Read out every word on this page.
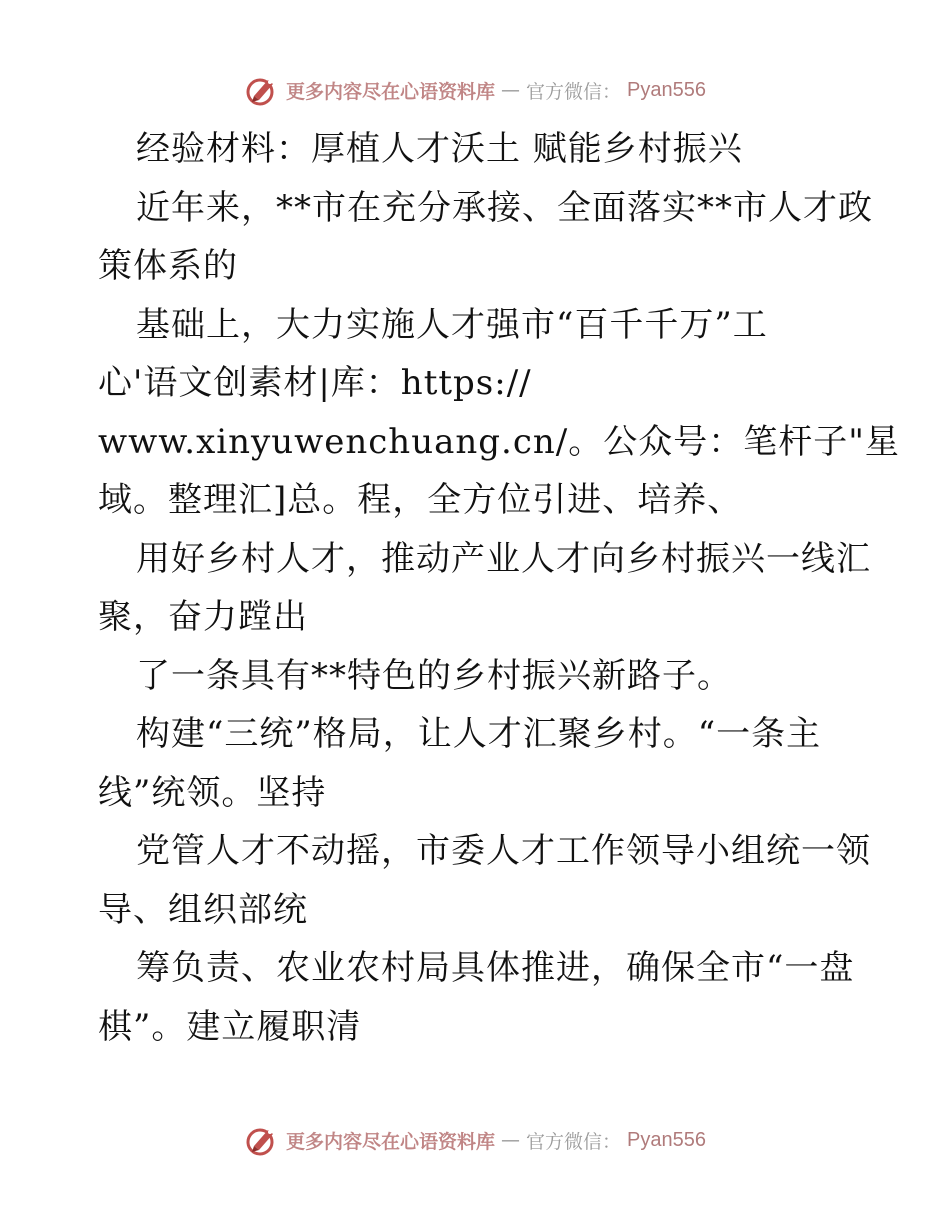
更多内容尽在心语资料库 — 官方微信： Pyan556
经验材料：厚植人才沃土 赋能乡村振兴
近年来，**市在充分承接、全面落实**市人才政
策体系的
基础上，大力实施人才强市“百千千万”工
心'语文创素材|库：https://
www.xinyuwenchuang.cn/。公众号：笔杆子"星
域。整理汇]总。程，全方位引进、培养、
用好乡村人才，推动产业人才向乡村振兴一线汇
聚，奋力蹚出
了一条具有**特色的乡村振兴新路子。
构建“三统”格局，让人才汇聚乡村。“一条主
线”统领。坚持
党管人才不动摇，市委人才工作领导小组统一领
导、组织部统
筹负责、农业农村局具体推进，确保全市“一盘
棋”。建立履职清
更多内容尽在心语资料库 — 官方微信： Pyan556
